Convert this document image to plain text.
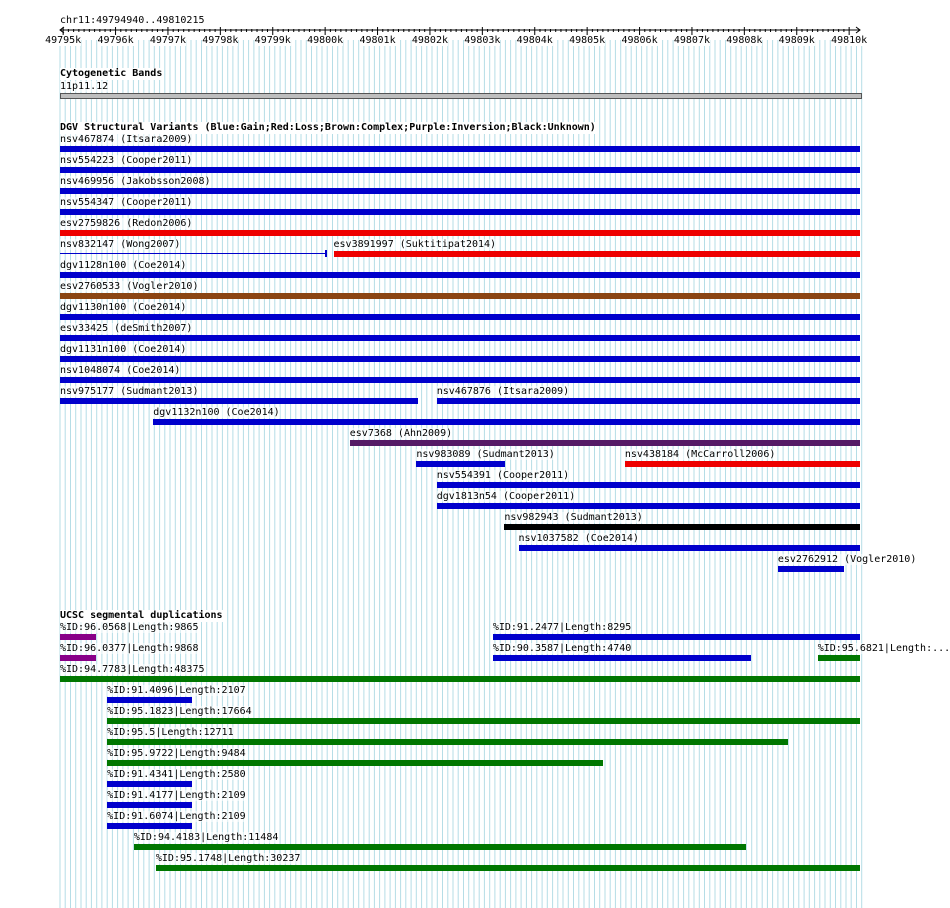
chr11:49794940..49810215
49795k 49796k 49797k 49798k 49799k 49800k 49801k 49802k 49803k 49804k 49805k 49806k 49807k 49808k 49809k 49810k
Cytogenetic Bands
11p11.12
DGV Structural Variants (Blue:Gain;Red:Loss;Brown:Complex;Purple:Inversion;Black:Unknown)
nsv467874 (Itsara2009)
nsv554223 (Cooper2011)
nsv469956 (Jakobsson2008)
nsv554347 (Cooper2011)
esv2759826 (Redon2006)
nsv832147 (Wong2007)	esv3891997 (Suktitipat2014)
dgv1128n100 (Coe2014)
esv2760533 (Vogler2010)
dgv1130n100 (Coe2014)
esv33425 (deSmith2007)
dgv1131n100 (Coe2014)
nsv1048074 (Coe2014)
nsv975177 (Sudmant2013)	nsv467876 (Itsara2009)
dgv1132n100 (Coe2014)
esv7368 (Ahn2009)
nsv983089 (Sudmant2013)	nsv438184 (McCarroll2006)
nsv554391 (Cooper2011)
dgv1813n54 (Cooper2011)
nsv982943 (Sudmant2013)
nsv1037582 (Coe2014)
esv2762912 (Vogler2010)
UCSC segmental duplications
%ID:96.0568|Length:9865	%ID:91.2477|Length:8295
%ID:96.0377|Length:9868	%ID:90.3587|Length:4740	%ID:95.6821|Length:...
%ID:94.7783|Length:48375
%ID:91.4096|Length:2107
%ID:95.1823|Length:17664
%ID:95.5|Length:12711
%ID:95.9722|Length:9484
%ID:91.4341|Length:2580
%ID:91.4177|Length:2109
%ID:91.6074|Length:2109
%ID:94.4183|Length:11484
%ID:95.1748|Length:30237
